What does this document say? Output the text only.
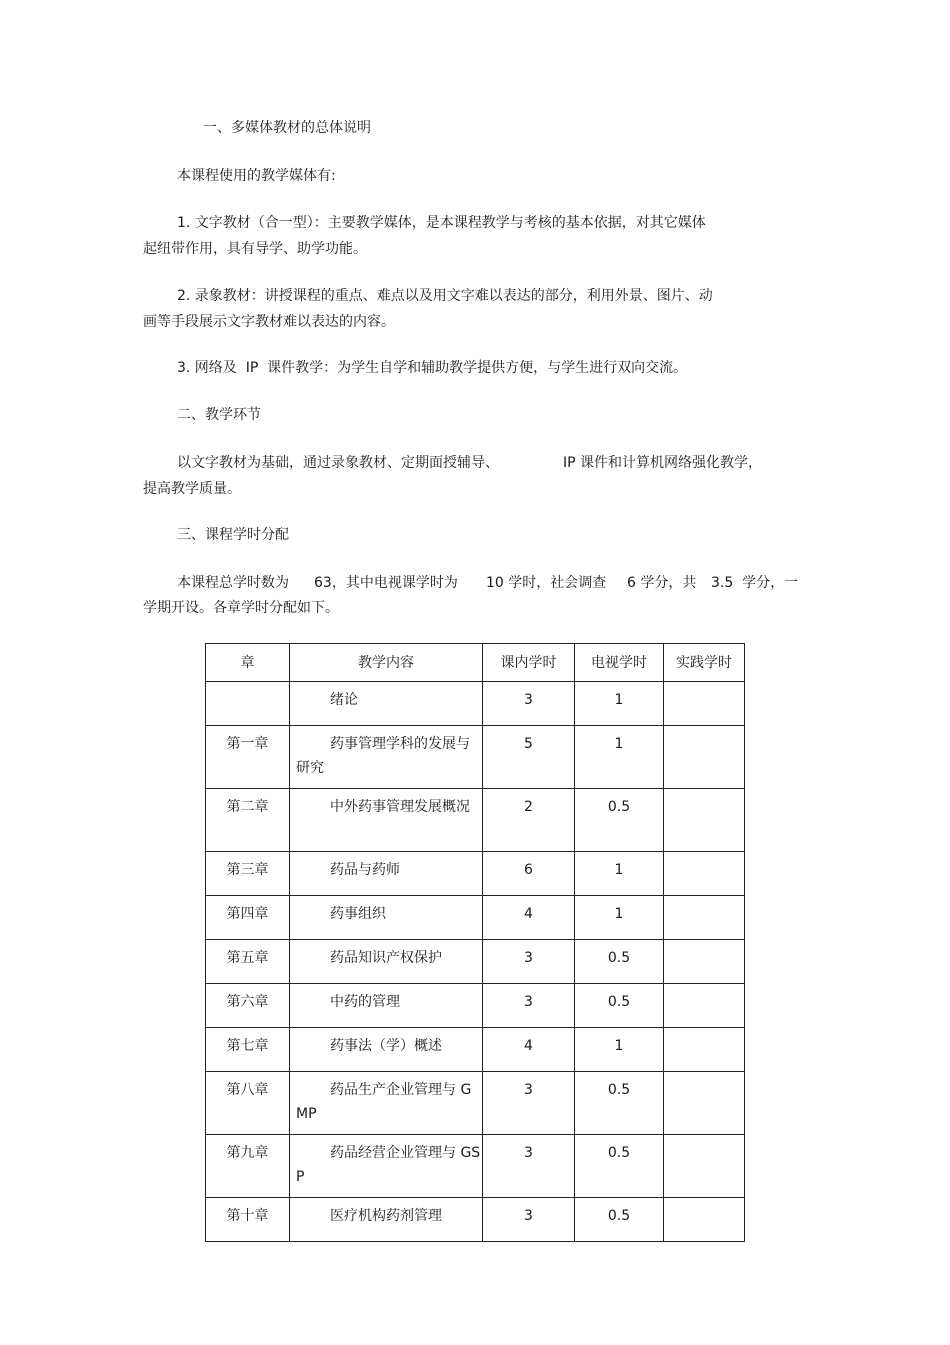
一、多媒体教材的总体说明
本课程使用的教学媒体有:
1. 文字教材（合一型）：主要教学媒体，是本课程教学与考核的基本依据，对其它媒体
起纽带作用，具有导学、助学功能。
2. 录象教材：讲授课程的重点、难点以及用文字难以表达的部分，利用外景、图片、动
画等手段展示文字教材难以表达的内容。
3. 网络及  IP  课件教学：为学生自学和辅助教学提供方便，与学生进行双向交流。
二、教学环节
以文字教材为基础，通过录象教材、定期面授辅导、	IP 课件和计算机网络强化教学，
提高教学质量。
三、课程学时分配
本课程总学时数为 63，其中电视课学时为 10 学时，社会调查 6 学分，共 3.5  学分，一
学期开设。各章学时分配如下。
章	教学内容	课内学时	电视学时	实践学时

	绪论	3	1	
第一章	药事管理学科的发展与研究	5	1	
第二章	中外药事管理发展概况	2	0.5	
第三章	药品与药师	6	1	
第四章	药事组织	4	1	
第五章	药品知识产权保护	3	0.5	
第六章	中药的管理	3	0.5	
第七章	药事法（学）概述	4	1	
第八章	药品生产企业管理与 GMP	3	0.5	
第九章	药品经营企业管理与 GSP	3	0.5	
第十章	医疗机构药剂管理	3	0.5	
